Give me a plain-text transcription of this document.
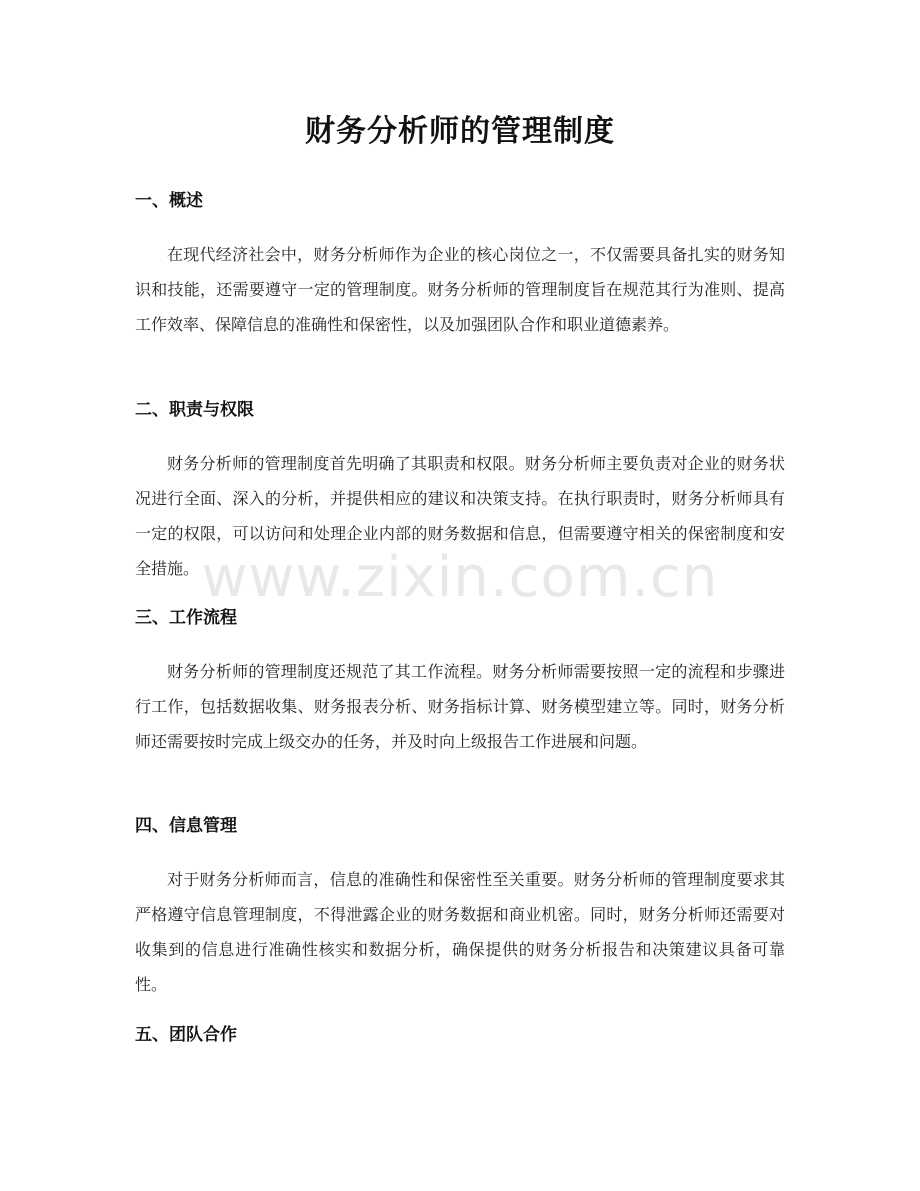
财务分析师的管理制度
一、概述

在现代经济社会中，财务分析师作为企业的核心岗位之一，不仅需要具备扎实的财务知识和技能，还需要遵守一定的管理制度。财务分析师的管理制度旨在规范其行为准则、提高工作效率、保障信息的准确性和保密性，以及加强团队合作和职业道德素养。

二、职责与权限

财务分析师的管理制度首先明确了其职责和权限。财务分析师主要负责对企业的财务状况进行全面、深入的分析，并提供相应的建议和决策支持。在执行职责时，财务分析师具有一定的权限，可以访问和处理企业内部的财务数据和信息，但需要遵守相关的保密制度和安全措施。

三、工作流程

财务分析师的管理制度还规范了其工作流程。财务分析师需要按照一定的流程和步骤进行工作，包括数据收集、财务报表分析、财务指标计算、财务模型建立等。同时，财务分析师还需要按时完成上级交办的任务，并及时向上级报告工作进展和问题。

四、信息管理

对于财务分析师而言，信息的准确性和保密性至关重要。财务分析师的管理制度要求其严格遵守信息管理制度，不得泄露企业的财务数据和商业机密。同时，财务分析师还需要对收集到的信息进行准确性核实和数据分析，确保提供的财务分析报告和决策建议具备可靠性。

五、团队合作
www.zixin.com.cn
